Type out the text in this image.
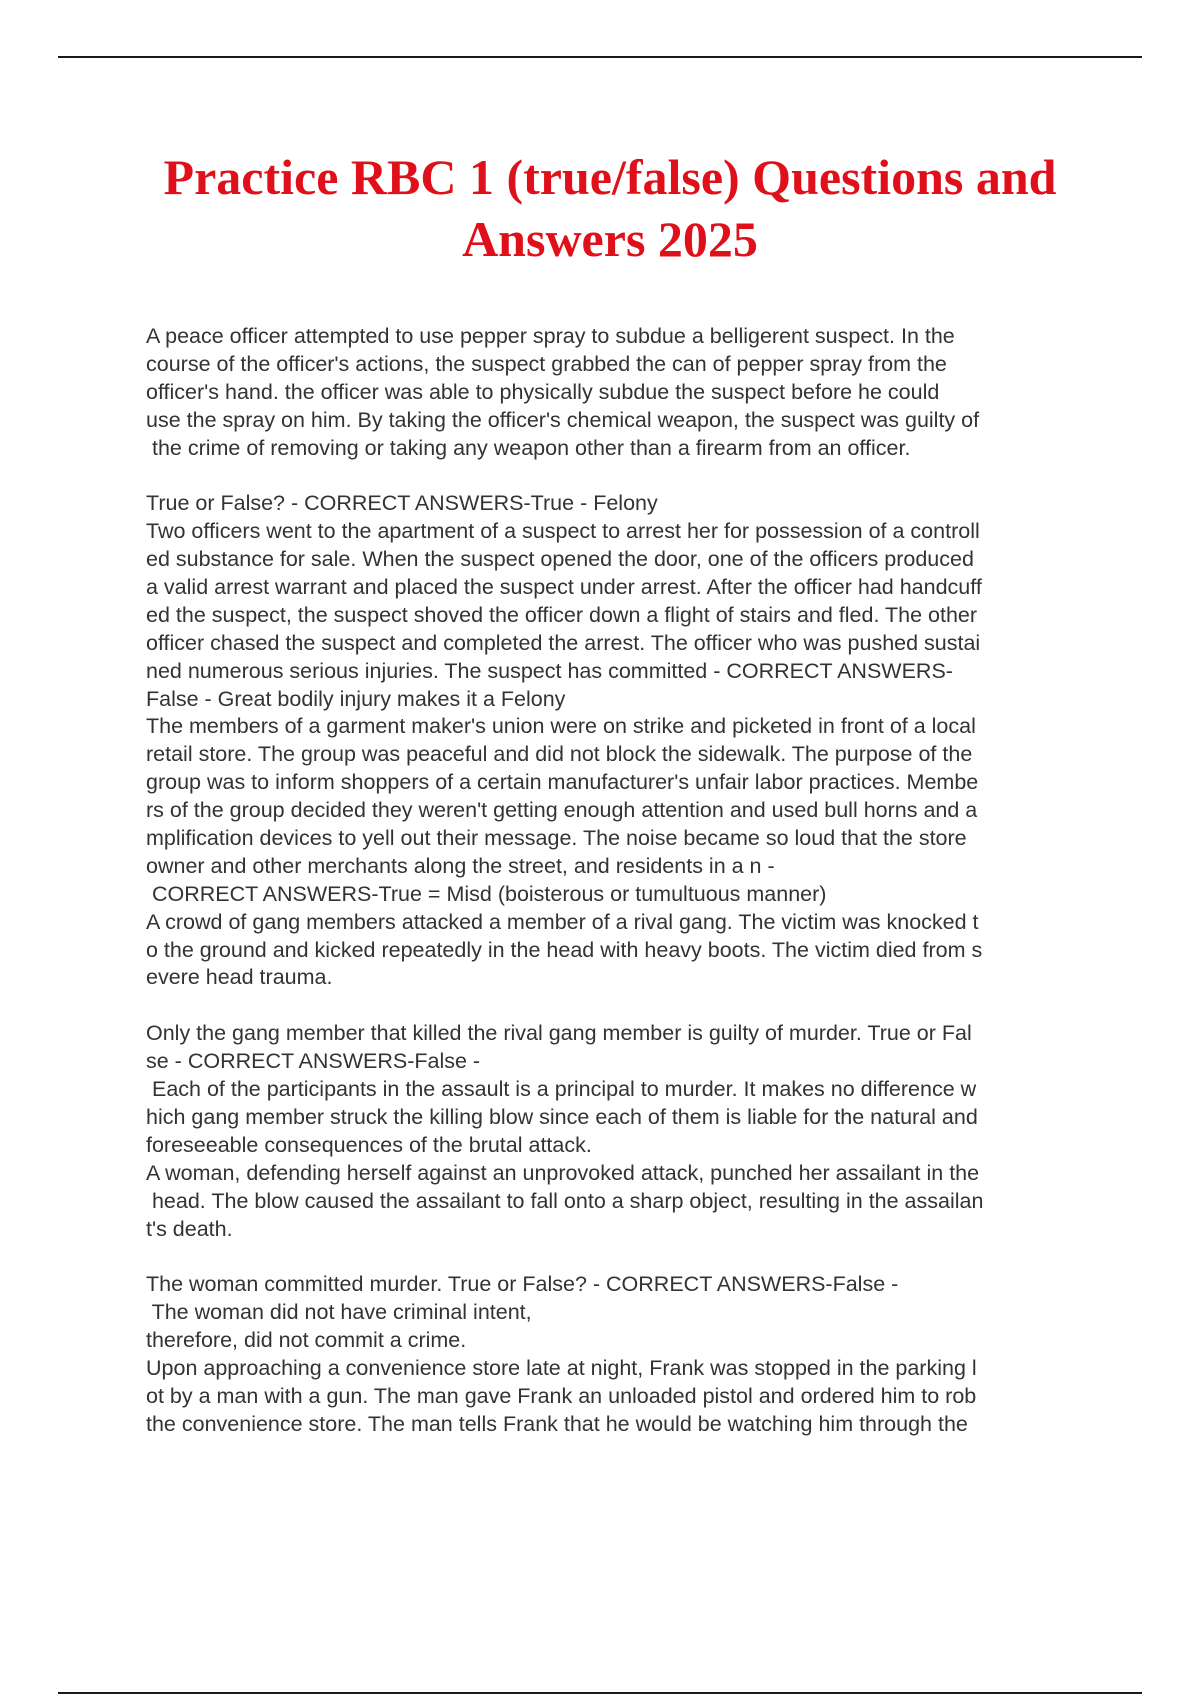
Practice RBC 1 (true/false) Questions and
Answers 2025
A peace officer attempted to use pepper spray to subdue a belligerent suspect. In the
course of the officer's actions, the suspect grabbed the can of pepper spray from the
officer's hand. the officer was able to physically subdue the suspect before he could
use the spray on him. By taking the officer's chemical weapon, the suspect was guilty of
the crime of removing or taking any weapon other than a firearm from an officer.
True or False? - CORRECT ANSWERS-True - Felony
Two officers went to the apartment of a suspect to arrest her for possession of a controll
ed substance for sale. When the suspect opened the door, one of the officers produced
a valid arrest warrant and placed the suspect under arrest. After the officer had handcuff
ed the suspect, the suspect shoved the officer down a flight of stairs and fled. The other
officer chased the suspect and completed the arrest. The officer who was pushed sustai
ned numerous serious injuries. The suspect has committed - CORRECT ANSWERS-
False - Great bodily injury makes it a Felony
The members of a garment maker's union were on strike and picketed in front of a local
retail store. The group was peaceful and did not block the sidewalk. The purpose of the
group was to inform shoppers of a certain manufacturer's unfair labor practices. Membe
rs of the group decided they weren't getting enough attention and used bull horns and a
mplification devices to yell out their message. The noise became so loud that the store
owner and other merchants along the street, and residents in a n -
CORRECT ANSWERS-True = Misd (boisterous or tumultuous manner)
A crowd of gang members attacked a member of a rival gang. The victim was knocked t
o the ground and kicked repeatedly in the head with heavy boots. The victim died from s
evere head trauma.
Only the gang member that killed the rival gang member is guilty of murder. True or Fal
se - CORRECT ANSWERS-False -
Each of the participants in the assault is a principal to murder. It makes no difference w
hich gang member struck the killing blow since each of them is liable for the natural and
foreseeable consequences of the brutal attack.
A woman, defending herself against an unprovoked attack, punched her assailant in the
head. The blow caused the assailant to fall onto a sharp object, resulting in the assailan
t's death.
The woman committed murder. True or False? - CORRECT ANSWERS-False -
The woman did not have criminal intent,
therefore, did not commit a crime.
Upon approaching a convenience store late at night, Frank was stopped in the parking l
ot by a man with a gun. The man gave Frank an unloaded pistol and ordered him to rob
the convenience store. The man tells Frank that he would be watching him through the
